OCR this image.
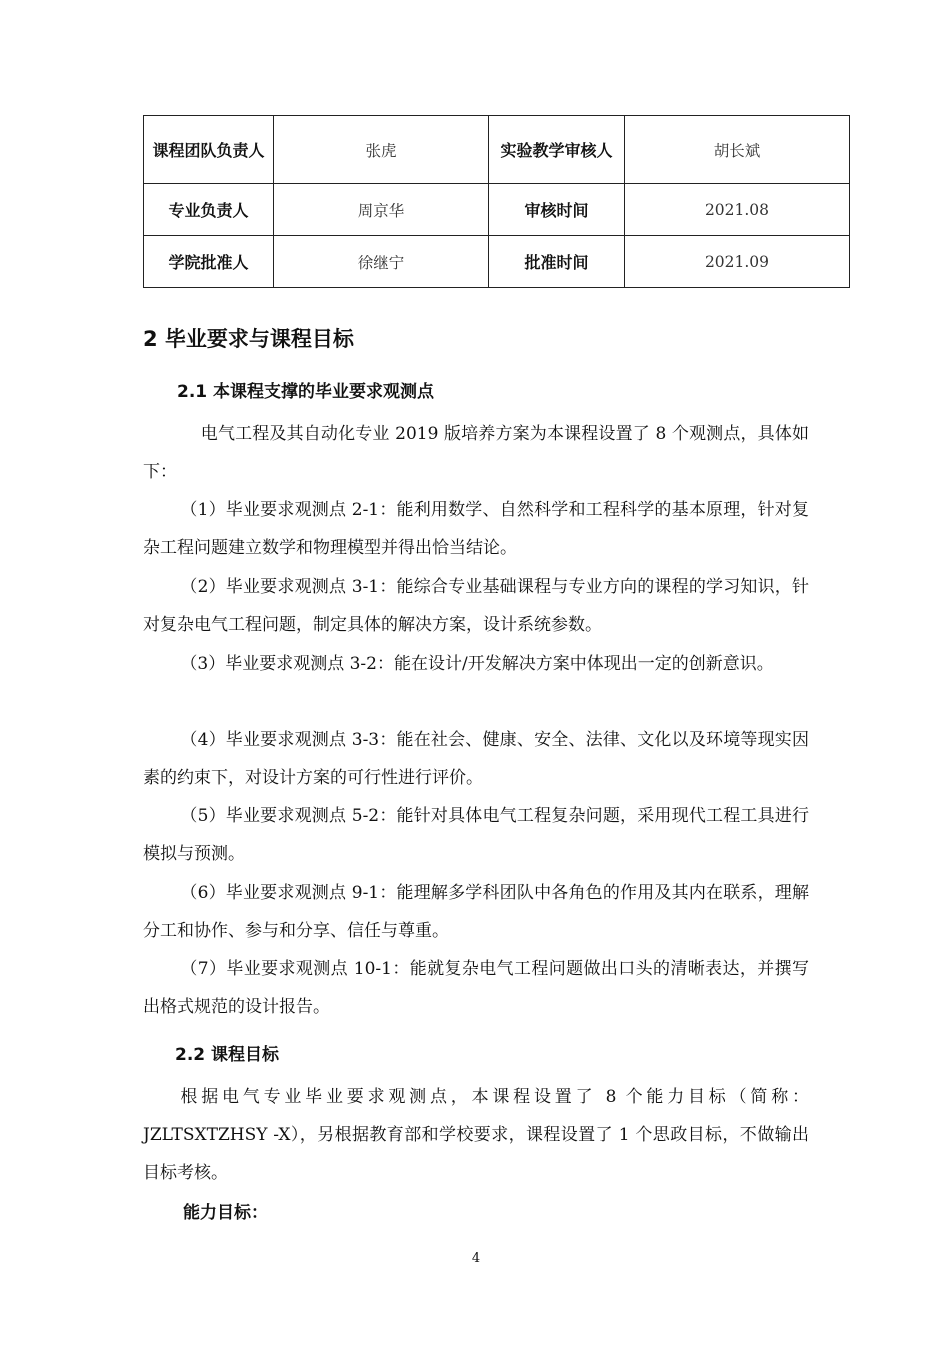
课程团队负责人	张虎	实验教学审核人	胡长斌
专业负责人	周京华	审核时间	2021.08
学院批准人	徐继宁	批准时间	2021.09
2 毕业要求与课程目标
2.1 本课程支撑的毕业要求观测点

电气工程及其自动化专业 2019 版培养方案为本课程设置了 8 个观测点，具体如下：

（1）毕业要求观测点 2-1：能利用数学、自然科学和工程科学的基本原理，针对复杂工程问题建立数学和物理模型并得出恰当结论。

（2）毕业要求观测点 3-1：能综合专业基础课程与专业方向的课程的学习知识，针对复杂电气工程问题，制定具体的解决方案，设计系统参数。

（3）毕业要求观测点 3-2：能在设计/开发解决方案中体现出一定的创新意识。

（4）毕业要求观测点 3-3：能在社会、健康、安全、法律、文化以及环境等现实因素的约束下，对设计方案的可行性进行评价。

（5）毕业要求观测点 5-2：能针对具体电气工程复杂问题，采用现代工程工具进行模拟与预测。

（6）毕业要求观测点 9-1：能理解多学科团队中各角色的作用及其内在联系，理解分工和协作、参与和分享、信任与尊重。

（7）毕业要求观测点 10-1：能就复杂电气工程问题做出口头的清晰表达，并撰写出格式规范的设计报告。

2.2 课程目标

根据电气专业毕业要求观测点，本课程设置了 8 个能力目标（简称：JZLTSXTZHSY -X），另根据教育部和学校要求，课程设置了 1 个思政目标，不做输出目标考核。

能力目标：

4
